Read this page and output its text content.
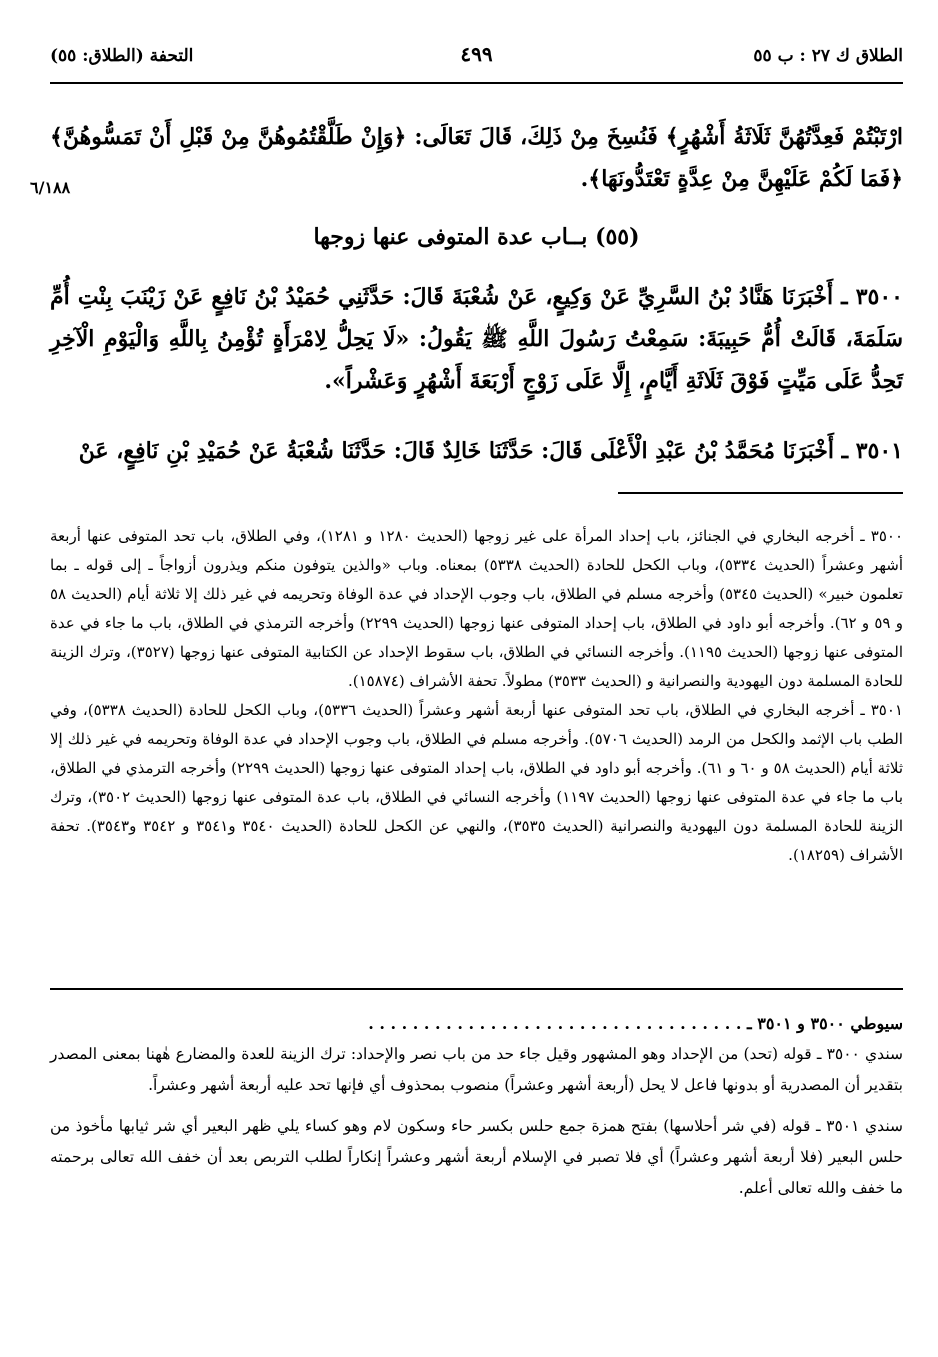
الطلاق ك ٢٧ : ب ٥٥
٤٩٩
التحفة (الطلاق: ٥٥)
٦/١٨٨

ارْتَبْتُمْ فَعِدَّتُهُنَّ ثَلَاثَةُ أَشْهُرٍ﴾ فَنُسِخَ مِنْ ذَلِكَ، قَالَ تَعَالَى: ﴿وَإِنْ طَلَّقْتُمُوهُنَّ مِنْ قَبْلِ أَنْ تَمَسُّوهُنَّ﴾ ﴿فَمَا لَكُمْ عَلَيْهِنَّ مِنْ عِدَّةٍ تَعْتَدُّونَهَا﴾.

(٥٥) بــاب عدة المتوفى عنها زوجها

٣٥٠٠ ـ أَخْبَرَنَا هَنَّادُ بْنُ السَّرِيِّ عَنْ وَكِيعٍ، عَنْ شُعْبَةَ قَالَ: حَدَّثَنِي حُمَيْدُ بْنُ نَافِعٍ عَنْ زَيْنَبَ بِنْتِ أُمِّ سَلَمَةَ، قَالَتْ أُمُّ حَبِيبَةَ: سَمِعْتُ رَسُولَ اللَّهِ ﷺ يَقُولُ: «لَا يَحِلُّ لِامْرَأَةٍ تُؤْمِنُ بِاللَّهِ وَالْيَوْمِ الْآخِرِ تَحِدُّ عَلَى مَيِّتٍ فَوْقَ ثَلَاثَةِ أَيَّامٍ، إِلَّا عَلَى زَوْجٍ أَرْبَعَةَ أَشْهُرٍ وَعَشْراً».

٣٥٠١ ـ أَخْبَرَنَا مُحَمَّدُ بْنُ عَبْدِ الْأَعْلَى قَالَ: حَدَّثَنَا خَالِدٌ قَالَ: حَدَّثَنَا شُعْبَةُ عَنْ حُمَيْدِ بْنِ نَافِعٍ، عَنْ

٣٥٠٠ ـ أخرجه البخاري في الجنائز، باب إحداد المرأة على غير زوجها (الحديث ١٢٨٠ و ١٢٨١)، وفي الطلاق، باب تحد المتوفى عنها أربعة أشهر وعشراً (الحديث ٥٣٣٤)، وباب الكحل للحادة (الحديث ٥٣٣٨) بمعناه. وباب «والذين يتوفون منكم ويذرون أزواجاً ـ إلى قوله ـ بما تعلمون خبير» (الحديث ٥٣٤٥) وأخرجه مسلم في الطلاق، باب وجوب الإحداد في عدة الوفاة وتحريمه في غير ذلك إلا ثلاثة أيام (الحديث ٥٨ و ٥٩ و ٦٢). وأخرجه أبو داود في الطلاق، باب إحداد المتوفى عنها زوجها (الحديث ٢٢٩٩) وأخرجه الترمذي في الطلاق، باب ما جاء في عدة المتوفى عنها زوجها (الحديث ١١٩٥). وأخرجه النسائي في الطلاق، باب سقوط الإحداد عن الكتابية المتوفى عنها زوجها (٣٥٢٧)، وترك الزينة للحادة المسلمة دون اليهودية والنصرانية و (الحديث ٣٥٣٣) مطولاً. تحفة الأشراف (١٥٨٧٤).

٣٥٠١ ـ أخرجه البخاري في الطلاق، باب تحد المتوفى عنها أربعة أشهر وعشراً (الحديث ٥٣٣٦)، وباب الكحل للحادة (الحديث ٥٣٣٨)، وفي الطب باب الإثمد والكحل من الرمد (الحديث ٥٧٠٦). وأخرجه مسلم في الطلاق، باب وجوب الإحداد في عدة الوفاة وتحريمه في غير ذلك إلا ثلاثة أيام (الحديث ٥٨ و ٦٠ و ٦١). وأخرجه أبو داود في الطلاق، باب إحداد المتوفى عنها زوجها (الحديث ٢٢٩٩) وأخرجه الترمذي في الطلاق، باب ما جاء في عدة المتوفى عنها زوجها (الحديث ١١٩٧) وأخرجه النسائي في الطلاق، باب عدة المتوفى عنها زوجها (الحديث ٣٥٠٢)، وترك الزينة للحادة المسلمة دون اليهودية والنصرانية (الحديث ٣٥٣٥)، والنهي عن الكحل للحادة (الحديث ٣٥٤٠ و٣٥٤١ و ٣٥٤٢ و٣٥٤٣). تحفة الأشراف (١٨٢٥٩).

سيوطي ٣٥٠٠ و ٣٥٠١ ـ . . . . . . . . . . . . . . . . . . . . . . . . . . . . . . . . . .

سندي ٣٥٠٠ ـ قوله (تحد) من الإحداد وهو المشهور وقيل جاء حد من باب نصر والإحداد: ترك الزينة للعدة والمضارع هٰهنا بمعنى المصدر بتقدير أن المصدرية أو بدونها فاعل لا يحل (أربعة أشهر وعشراً) منصوب بمحذوف أي فإنها تحد عليه أربعة أشهر وعشراً.

سندي ٣٥٠١ ـ قوله (في شر أحلاسها) بفتح همزة جمع حلس بكسر حاء وسكون لام وهو كساء يلي ظهر البعير أي شر ثيابها مأخوذ من حلس البعير (فلا أربعة أشهر وعشراً) أي فلا تصبر في الإسلام أربعة أشهر وعشراً إنكاراً لطلب التربص بعد أن خفف الله تعالى برحمته ما خفف والله تعالى أعلم.
